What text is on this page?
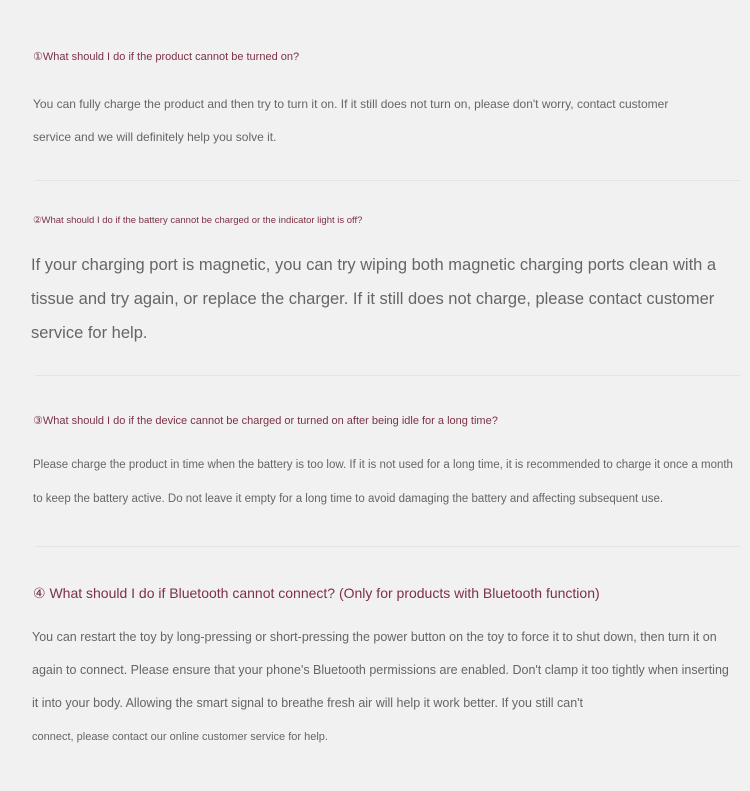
①What should I do if the product cannot be turned on?

You can fully charge the product and then try to turn it on. If it still does not turn on, please don't worry, contact customer service and we will definitely help you solve it.

②What should I do if the battery cannot be charged or the indicator light is off?

If your charging port is magnetic, you can try wiping both magnetic charging ports clean with a tissue and try again, or replace the charger. If it still does not charge, please contact customer service for help.

③What should I do if the device cannot be charged or turned on after being idle for a long time?

Please charge the product in time when the battery is too low. If it is not used for a long time, it is recommended to charge it once a month to keep the battery active. Do not leave it empty for a long time to avoid damaging the battery and affecting subsequent use.

④ What should I do if Bluetooth cannot connect? (Only for products with Bluetooth function)
You can restart the toy by long-pressing or short-pressing the power button on the toy to force it to shut down, then turn it on again to connect. Please ensure that your phone's Bluetooth permissions are enabled. Don't clamp it too tightly when inserting it into your body. Allowing the smart signal to breathe fresh air will help it work better. If you still can't
connect, please contact our online customer service for help.
